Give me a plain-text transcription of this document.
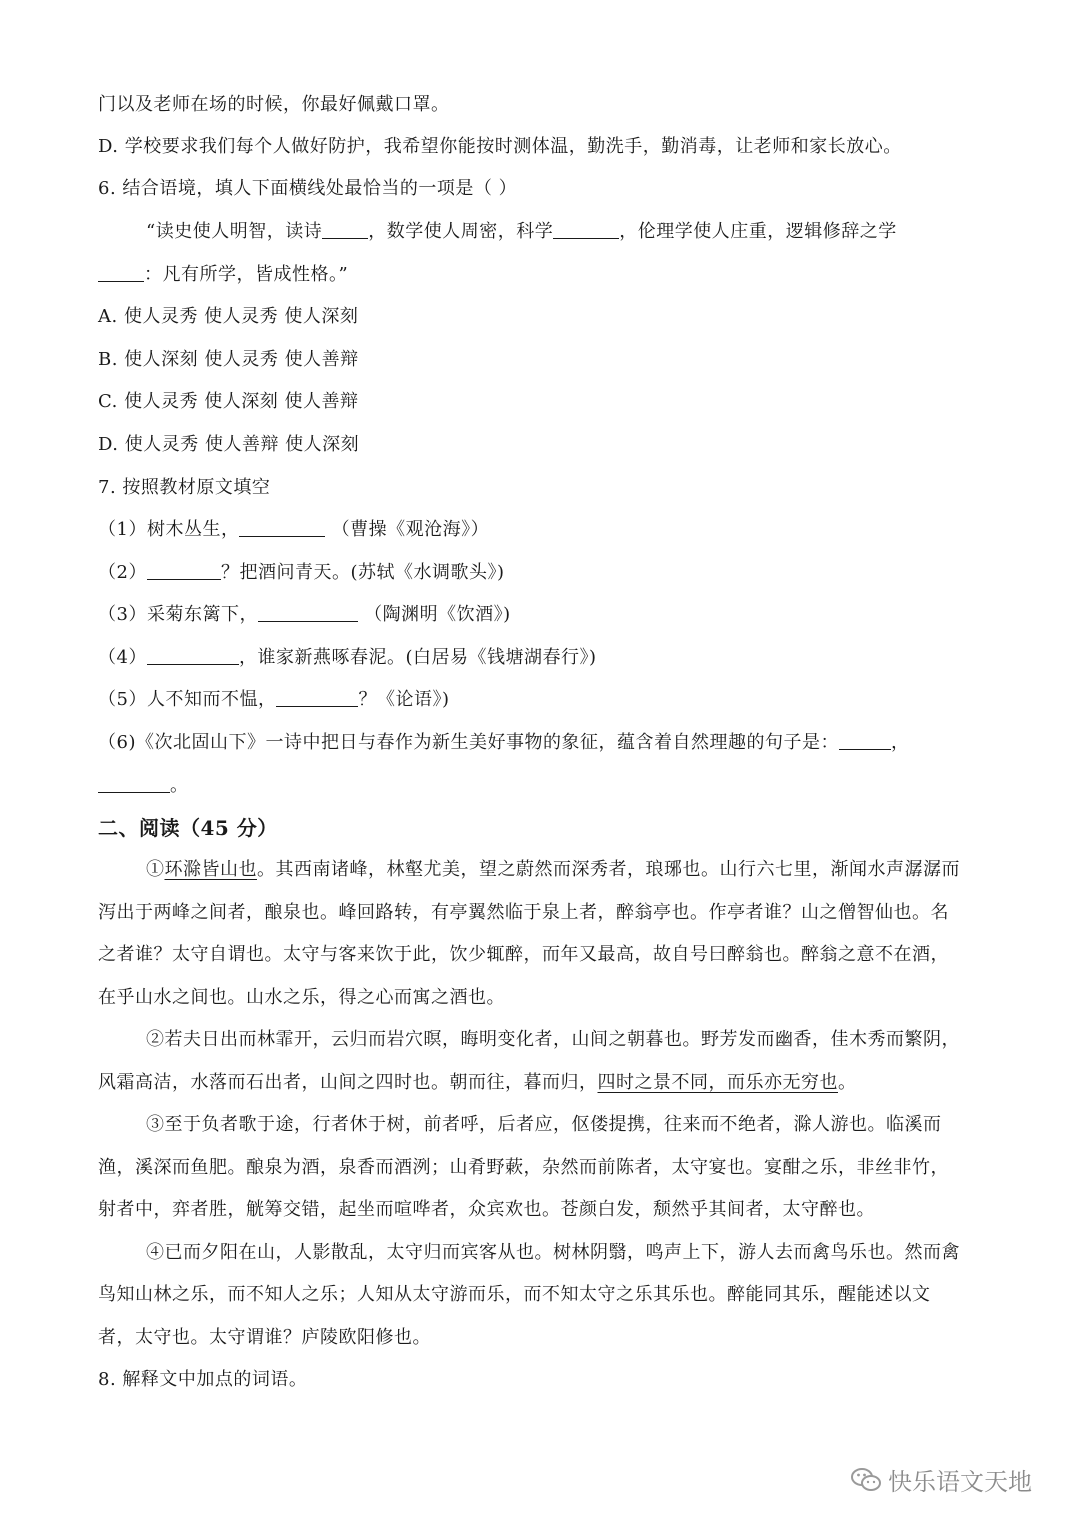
门以及老师在场的时候，你最好佩戴口罩。
D. 学校要求我们每个人做好防护，我希望你能按时测体温，勤洗手，勤消毒，让老师和家长放心。
6. 结合语境，填人下面横线处最恰当的一项是（ ）
“读史使人明智，读诗	，数学使人周密，科学	，伦理学使人庄重，逻辑修辞之学
：凡有所学，皆成性格。”
A. 使人灵秀 使人灵秀 使人深刻
B. 使人深刻 使人灵秀 使人善辩
C. 使人灵秀 使人深刻 使人善辩
D. 使人灵秀 使人善辩 使人深刻
7. 按照教材原文填空
（1）树木丛生，	（曹操《观沧海》）
（2）	？把酒问青天。(苏轼《水调歌头》)
（3）采菊东篱下，	（陶渊明《饮酒》)
（4）	，谁家新燕啄春泥。(白居易《钱塘湖春行》)
（5）人不知而不愠，	？《论语》)
（6)《次北固山下》一诗中把日与春作为新生美好事物的象征，蕴含着自然理趣的句子是：	，
。
二、阅读（45 分）
①环滁皆山也。其西南诸峰，林壑尤美，望之蔚然而深秀者，琅琊也。山行六七里，渐闻水声潺潺而
泻出于两峰之间者，酿泉也。峰回路转，有亭翼然临于泉上者，醉翁亭也。作亭者谁？山之僧智仙也。名
之者谁？太守自谓也。太守与客来饮于此，饮少辄醉，而年又最高，故自号曰醉翁也。醉翁之意不在酒，
在乎山水之间也。山水之乐，得之心而寓之酒也。
②若夫日出而林霏开，云归而岩穴暝，晦明变化者，山间之朝暮也。野芳发而幽香，佳木秀而繁阴，
风霜高洁，水落而石出者，山间之四时也。朝而往，暮而归，四时之景不同，而乐亦无穷也。
③至于负者歌于途，行者休于树，前者呼，后者应，伛偻提携，往来而不绝者，滁人游也。临溪而
渔，溪深而鱼肥。酿泉为酒，泉香而酒洌；山肴野蔌，杂然而前陈者，太守宴也。宴酣之乐，非丝非竹，
射者中，弈者胜，觥筹交错，起坐而喧哗者，众宾欢也。苍颜白发，颓然乎其间者，太守醉也。
④已而夕阳在山，人影散乱，太守归而宾客从也。树林阴翳，鸣声上下，游人去而禽鸟乐也。然而禽
鸟知山林之乐，而不知人之乐；人知从太守游而乐，而不知太守之乐其乐也。醉能同其乐，醒能述以文
者，太守也。太守谓谁？庐陵欧阳修也。
8. 解释文中加点的词语。
快乐语文天地
